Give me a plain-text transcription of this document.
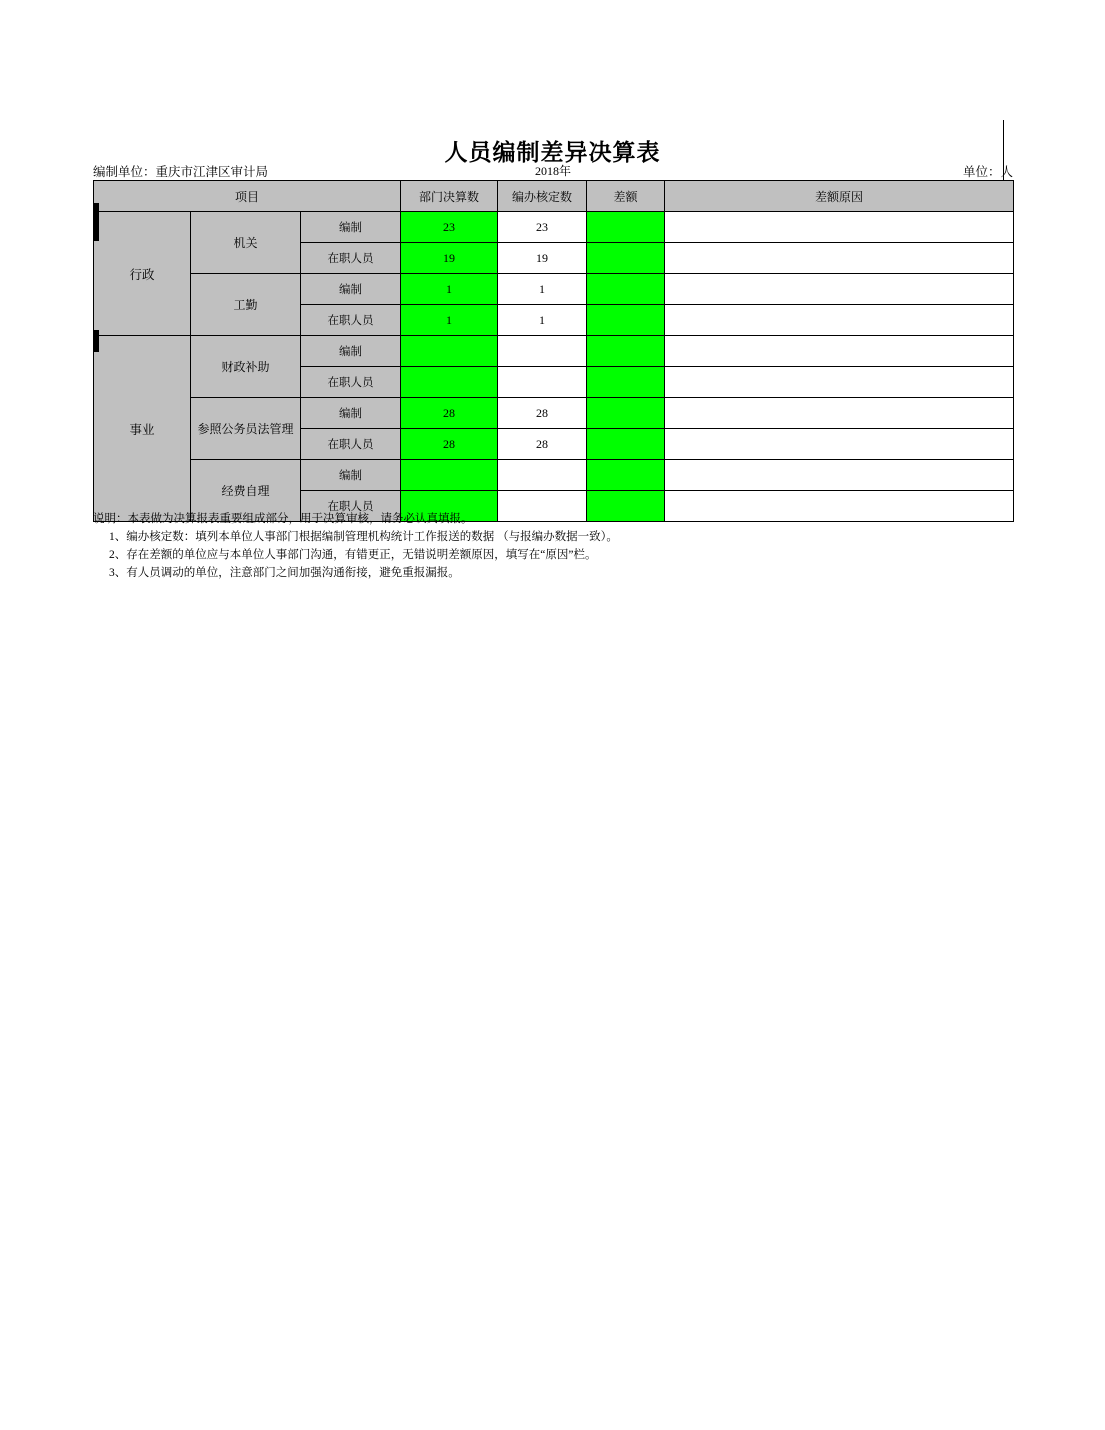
人员编制差异决算表
编制单位：重庆市江津区审计局	2018年	单位：人
项目			部门决算数	编办核定数	差额	差额原因
行政	机关	编制	23	23		
		在职人员	19	19		
	工勤	编制	1	1		
		在职人员	1	1		
事业	财政补助	编制				
		在职人员				
	参照公务员法管理	编制	28	28		
		在职人员	28	28		
	经费自理	编制				
		在职人员				
说明：本表做为决算报表重要组成部分，用于决算审核，请务必认真填报。
1、编办核定数：填列本单位人事部门根据编制管理机构统计工作报送的数据 （与报编办数据一致）。
2、存在差额的单位应与本单位人事部门沟通，有错更正，无错说明差额原因，填写在“原因”栏。
3、有人员调动的单位，注意部门之间加强沟通衔接，避免重报漏报。
